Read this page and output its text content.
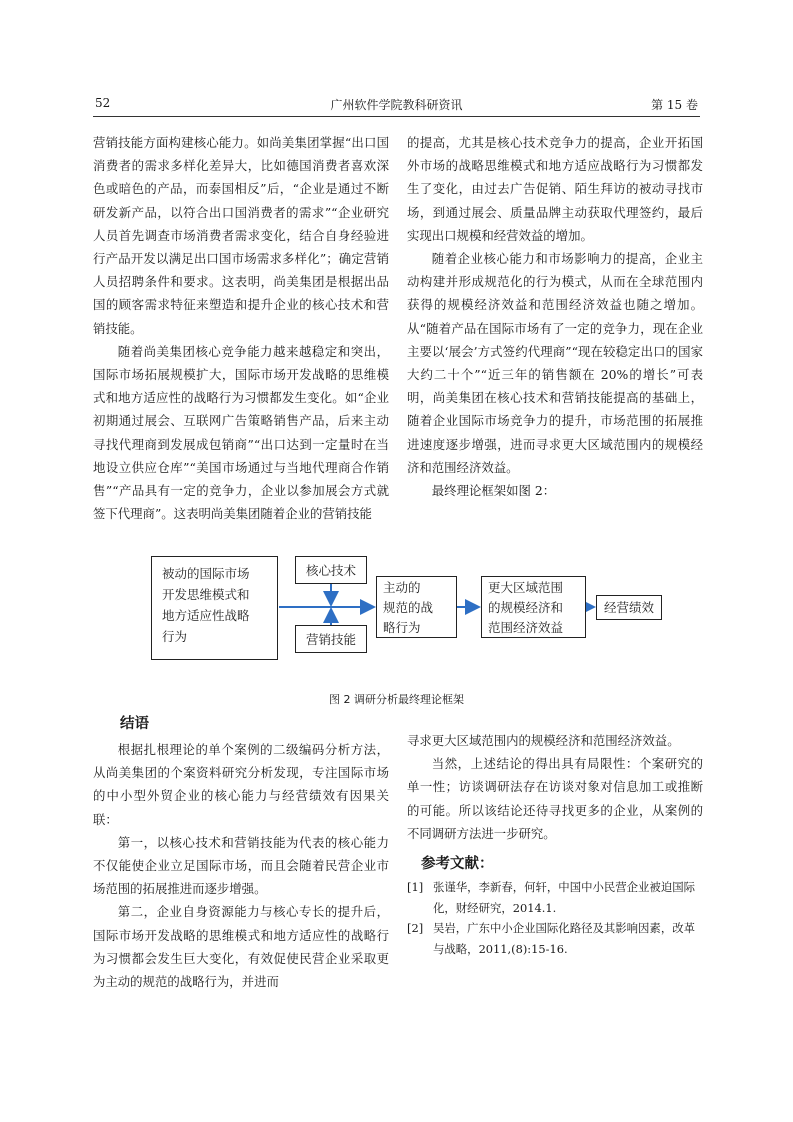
52	广州软件学院教科研资讯	第 15 卷

营销技能方面构建核心能力。如尚美集团掌握“出口国消费者的需求多样化差异大，比如德国消费者喜欢深色或暗色的产品，而泰国相反”后，“企业是通过不断研发新产品，以符合出口国消费者的需求”“企业研究人员首先调查市场消费者需求变化，结合自身经验进行产品开发以满足出口国市场需求多样化”；确定营销人员招聘条件和要求。这表明，尚美集团是根据出品国的顾客需求特征来塑造和提升企业的核心技术和营销技能。

随着尚美集团核心竞争能力越来越稳定和突出，国际市场拓展规模扩大，国际市场开发战略的思维模式和地方适应性的战略行为习惯都发生变化。如“企业初期通过展会、互联网广告策略销售产品，后来主动寻找代理商到发展成包销商”“出口达到一定量时在当地设立供应仓库”“美国市场通过与当地代理商合作销售”“产品具有一定的竞争力，企业以参加展会方式就签下代理商”。这表明尚美集团随着企业的营销技能

的提高，尤其是核心技术竞争力的提高，企业开拓国外市场的战略思维模式和地方适应战略行为习惯都发生了变化，由过去广告促销、陌生拜访的被动寻找市场，到通过展会、质量品牌主动获取代理签约，最后实现出口规模和经营效益的增加。

随着企业核心能力和市场影响力的提高，企业主动构建并形成规范化的行为模式，从而在全球范围内获得的规模经济效益和范围经济效益也随之增加。从“随着产品在国际市场有了一定的竞争力，现在企业主要以‘展会’方式签约代理商”“现在较稳定出口的国家大约二十个”“近三年的销售额在 20%的增长”可表明，尚美集团在核心技术和营销技能提高的基础上，随着企业国际市场竞争力的提升，市场范围的拓展推进速度逐步增强，进而寻求更大区域范围内的规模经济和范围经济效益。

最终理论框架如图 2：

被动的国际市场
开发思维模式和
地方适应性战略
行为
核心技术
营销技能
主动的
规范的战
略行为
更大区域范围
的规模经济和
范围经济效益
经营绩效
图 2 调研分析最终理论框架
结语

根据扎根理论的单个案例的二级编码分析方法，从尚美集团的个案资料研究分析发现，专注国际市场的中小型外贸企业的核心能力与经营绩效有因果关联：

第一，以核心技术和营销技能为代表的核心能力不仅能使企业立足国际市场，而且会随着民营企业市场范围的拓展推进而逐步增强。

第二，企业自身资源能力与核心专长的提升后，国际市场开发战略的思维模式和地方适应性的战略行为习惯都会发生巨大变化，有效促使民营企业采取更为主动的规范的战略行为，并进而

寻求更大区域范围内的规模经济和范围经济效益。

当然，上述结论的得出具有局限性：个案研究的单一性；访谈调研法存在访谈对象对信息加工或推断的可能。所以该结论还待寻找更多的企业，从案例的不同调研方法进一步研究。

参考文献：
[1] 张谨华，李新春，何轩，中国中小民营企业被迫国际化，财经研究，2014.1.
[2] 吴岩，广东中小企业国际化路径及其影响因素，改革与战略，2011,(8):15-16.
